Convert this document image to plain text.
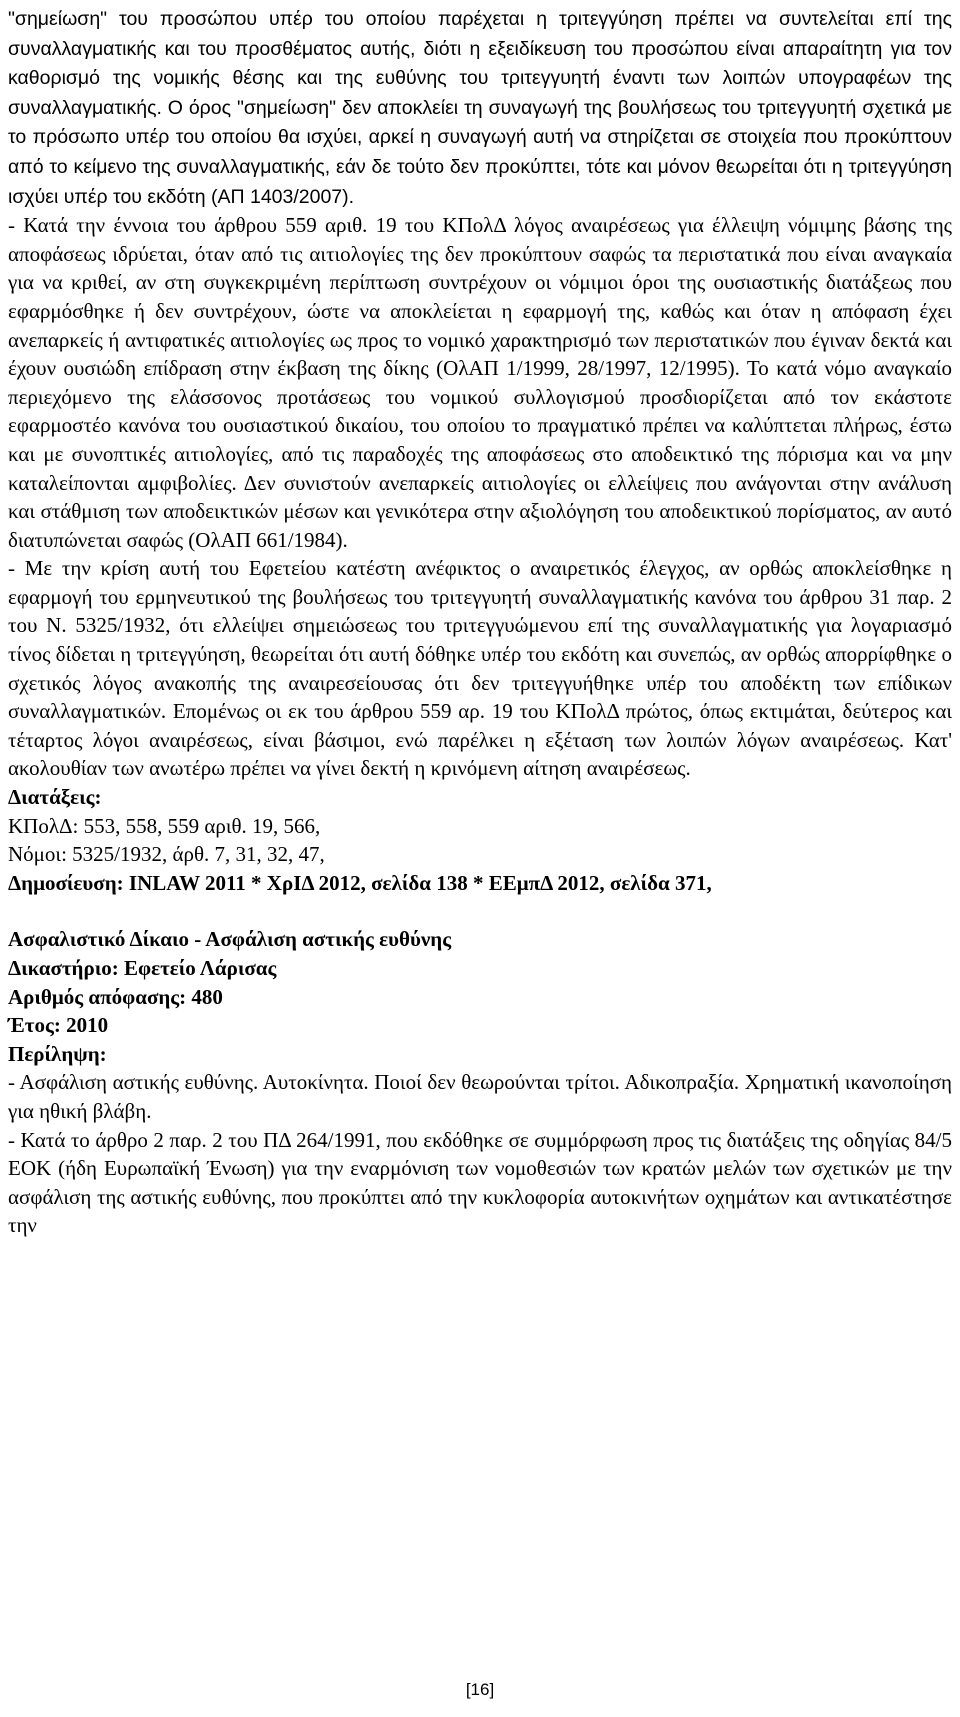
"σημείωση" του προσώπου υπέρ του οποίου παρέχεται η τριτεγγύηση πρέπει να συντελείται επί της συναλλαγματικής και του προσθέματος αυτής, διότι η εξειδίκευση του προσώπου είναι απαραίτητη για τον καθορισμό της νομικής θέσης και της ευθύνης του τριτεγγυητή έναντι των λοιπών υπογραφέων της συναλλαγματικής. Ο όρος "σημείωση" δεν αποκλείει τη συναγωγή της βουλήσεως του τριτεγγυητή σχετικά με το πρόσωπο υπέρ του οποίου θα ισχύει, αρκεί η συναγωγή αυτή να στηρίζεται σε στοιχεία που προκύπτουν από το κείμενο της συναλλαγματικής, εάν δε τούτο δεν προκύπτει, τότε και μόνον θεωρείται ότι η τριτεγγύηση ισχύει υπέρ του εκδότη (ΑΠ 1403/2007).

- Κατά την έννοια του άρθρου 559 αριθ. 19 του ΚΠολΔ λόγος αναιρέσεως για έλλειψη νόμιμης βάσης της αποφάσεως ιδρύεται, όταν από τις αιτιολογίες της δεν προκύπτουν σαφώς τα περιστατικά που είναι αναγκαία για να κριθεί, αν στη συγκεκριμένη περίπτωση συντρέχουν οι νόμιμοι όροι της ουσιαστικής διατάξεως που εφαρμόσθηκε ή δεν συντρέχουν, ώστε να αποκλείεται η εφαρμογή της, καθώς και όταν η απόφαση έχει ανεπαρκείς ή αντιφατικές αιτιολογίες ως προς το νομικό χαρακτηρισμό των περιστατικών που έγιναν δεκτά και έχουν ουσιώδη επίδραση στην έκβαση της δίκης (ΟλΑΠ 1/1999, 28/1997, 12/1995). Το κατά νόμο αναγκαίο περιεχόμενο της ελάσσονος προτάσεως του νομικού συλλογισμού προσδιορίζεται από τον εκάστοτε εφαρμοστέο κανόνα του ουσιαστικού δικαίου, του οποίου το πραγματικό πρέπει να καλύπτεται πλήρως, έστω και με συνοπτικές αιτιολογίες, από τις παραδοχές της αποφάσεως στο αποδεικτικό της πόρισμα και να μην καταλείπονται αμφιβολίες. Δεν συνιστούν ανεπαρκείς αιτιολογίες οι ελλείψεις που ανάγονται στην ανάλυση και στάθμιση των αποδεικτικών μέσων και γενικότερα στην αξιολόγηση του αποδεικτικού πορίσματος, αν αυτό διατυπώνεται σαφώς (ΟλΑΠ 661/1984).

- Με την κρίση αυτή του Εφετείου κατέστη ανέφικτος ο αναιρετικός έλεγχος, αν ορθώς αποκλείσθηκε η εφαρμογή του ερμηνευτικού της βουλήσεως του τριτεγγυητή συναλλαγματικής κανόνα του άρθρου 31 παρ. 2 του Ν. 5325/1932, ότι ελλείψει σημειώσεως του τριτεγγυώμενου επί της συναλλαγματικής για λογαριασμό τίνος δίδεται η τριτεγγύηση, θεωρείται ότι αυτή δόθηκε υπέρ του εκδότη και συνεπώς, αν ορθώς απορρίφθηκε ο σχετικός λόγος ανακοπής της αναιρεσείουσας ότι δεν τριτεγγυήθηκε υπέρ του αποδέκτη των επίδικων συναλλαγματικών. Επομένως οι εκ του άρθρου 559 αρ. 19 του ΚΠολΔ πρώτος, όπως εκτιμάται, δεύτερος και τέταρτος λόγοι αναιρέσεως, είναι βάσιμοι, ενώ παρέλκει η εξέταση των λοιπών λόγων αναιρέσεως. Κατ' ακολουθίαν των ανωτέρω πρέπει να γίνει δεκτή η κρινόμενη αίτηση αναιρέσεως.

Διατάξεις:

ΚΠολΔ: 553, 558, 559 αριθ. 19, 566,

Νόμοι: 5325/1932, άρθ. 7, 31, 32, 47,

Δημοσίευση: INLAW 2011 * ΧρΙΔ 2012, σελίδα 138 * ΕΕμπΔ 2012, σελίδα 371,

Ασφαλιστικό Δίκαιο - Ασφάλιση αστικής ευθύνης

Δικαστήριο: Εφετείο Λάρισας

Αριθμός απόφασης: 480

Έτος: 2010

Περίληψη:

- Ασφάλιση αστικής ευθύνης. Αυτοκίνητα. Ποιοί δεν θεωρούνται τρίτοι. Αδικοπραξία. Χρηματική ικανοποίηση για ηθική βλάβη.

- Κατά το άρθρο 2 παρ. 2 του ΠΔ 264/1991, που εκδόθηκε σε συμμόρφωση προς τις διατάξεις της οδηγίας 84/5 ΕΟΚ (ήδη Ευρωπαϊκή Ένωση) για την εναρμόνιση των νομοθεσιών των κρατών μελών των σχετικών με την ασφάλιση της αστικής ευθύνης, που προκύπτει από την κυκλοφορία αυτοκινήτων οχημάτων και αντικατέστησε την

[16]
